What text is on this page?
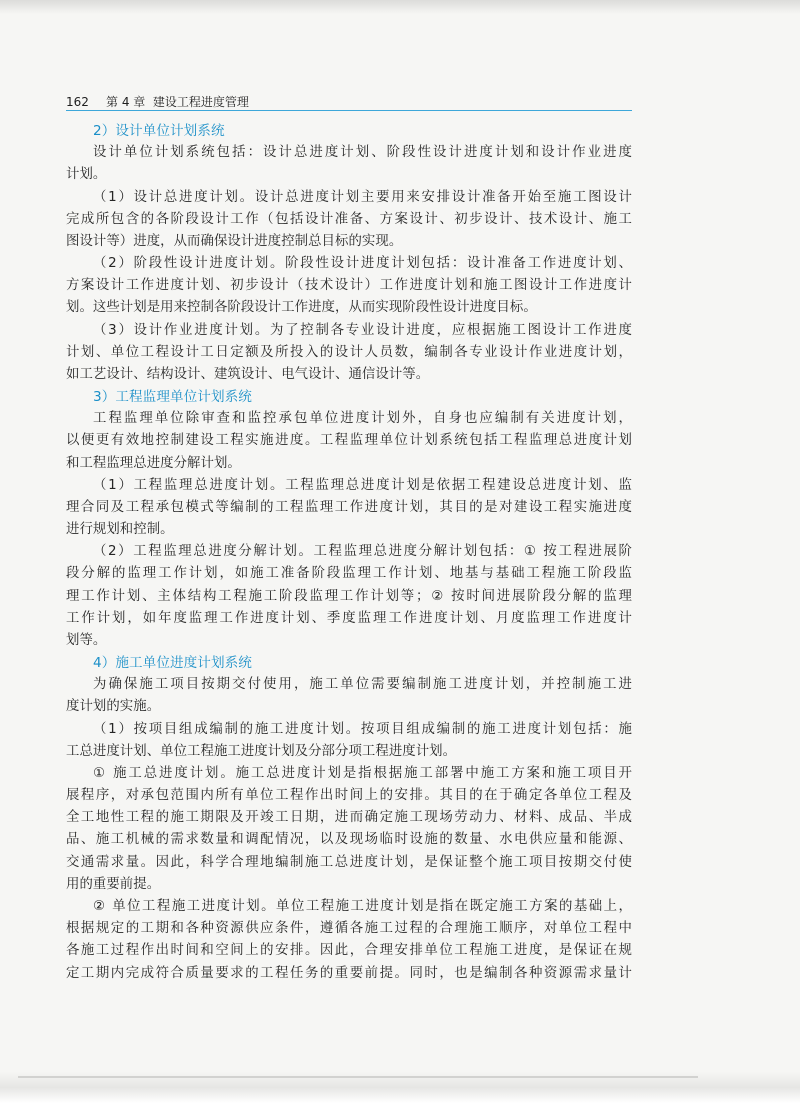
162 第 4 章 建设工程进度管理
2）设计单位计划系统
设计单位计划系统包括：设计总进度计划、阶段性设计进度计划和设计作业进度
计划。
（1）设计总进度计划。设计总进度计划主要用来安排设计准备开始至施工图设计
完成所包含的各阶段设计工作（包括设计准备、方案设计、初步设计、技术设计、施工
图设计等）进度，从而确保设计进度控制总目标的实现。
（2）阶段性设计进度计划。阶段性设计进度计划包括：设计准备工作进度计划、
方案设计工作进度计划、初步设计（技术设计）工作进度计划和施工图设计工作进度计
划。这些计划是用来控制各阶段设计工作进度，从而实现阶段性设计进度目标。
（3）设计作业进度计划。为了控制各专业设计进度，应根据施工图设计工作进度
计划、单位工程设计工日定额及所投入的设计人员数，编制各专业设计作业进度计划，
如工艺设计、结构设计、建筑设计、电气设计、通信设计等。
3）工程监理单位计划系统
工程监理单位除审查和监控承包单位进度计划外，自身也应编制有关进度计划，
以便更有效地控制建设工程实施进度。工程监理单位计划系统包括工程监理总进度计划
和工程监理总进度分解计划。
（1）工程监理总进度计划。工程监理总进度计划是依据工程建设总进度计划、监
理合同及工程承包模式等编制的工程监理工作进度计划，其目的是对建设工程实施进度
进行规划和控制。
（2）工程监理总进度分解计划。工程监理总进度分解计划包括：① 按工程进展阶
段分解的监理工作计划，如施工准备阶段监理工作计划、地基与基础工程施工阶段监
理工作计划、主体结构工程施工阶段监理工作计划等；② 按时间进展阶段分解的监理
工作计划，如年度监理工作进度计划、季度监理工作进度计划、月度监理工作进度计
划等。
4）施工单位进度计划系统
为确保施工项目按期交付使用，施工单位需要编制施工进度计划，并控制施工进
度计划的实施。
（1）按项目组成编制的施工进度计划。按项目组成编制的施工进度计划包括：施
工总进度计划、单位工程施工进度计划及分部分项工程进度计划。
① 施工总进度计划。施工总进度计划是指根据施工部署中施工方案和施工项目开
展程序，对承包范围内所有单位工程作出时间上的安排。其目的在于确定各单位工程及
全工地性工程的施工期限及开竣工日期，进而确定施工现场劳动力、材料、成品、半成
品、施工机械的需求数量和调配情况，以及现场临时设施的数量、水电供应量和能源、
交通需求量。因此，科学合理地编制施工总进度计划，是保证整个施工项目按期交付使
用的重要前提。
② 单位工程施工进度计划。单位工程施工进度计划是指在既定施工方案的基础上，
根据规定的工期和各种资源供应条件，遵循各施工过程的合理施工顺序，对单位工程中
各施工过程作出时间和空间上的安排。因此，合理安排单位工程施工进度，是保证在规
定工期内完成符合质量要求的工程任务的重要前提。同时，也是编制各种资源需求量计
